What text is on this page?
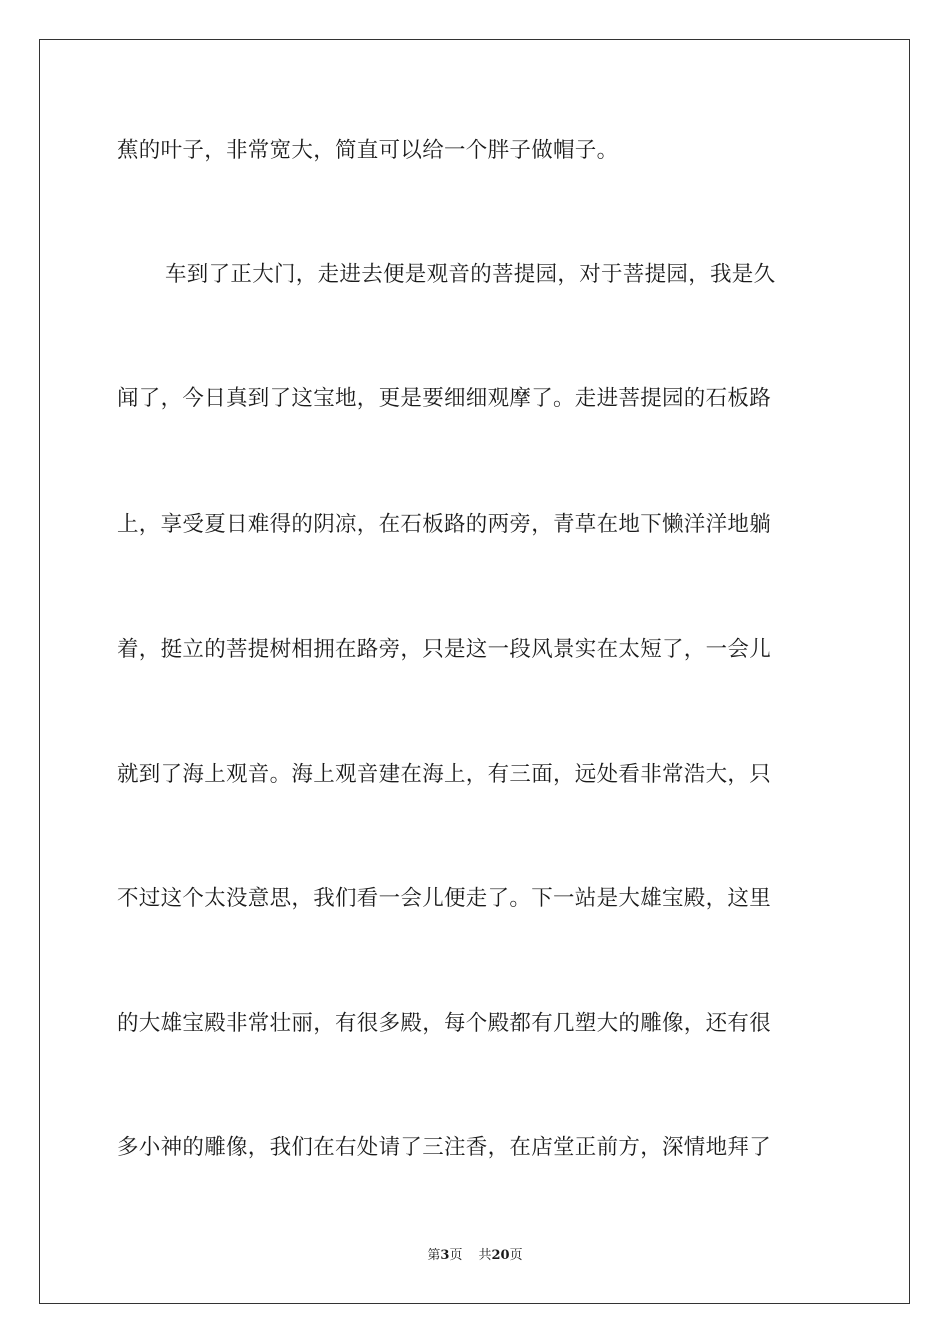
蕉的叶子，非常宽大，简直可以给一个胖子做帽子。
车到了正大门，走进去便是观音的菩提园，对于菩提园，我是久
闻了，今日真到了这宝地，更是要细细观摩了。走进菩提园的石板路
上，享受夏日难得的阴凉，在石板路的两旁，青草在地下懒洋洋地躺
着，挺立的菩提树相拥在路旁，只是这一段风景实在太短了，一会儿
就到了海上观音。海上观音建在海上，有三面，远处看非常浩大，只
不过这个太没意思，我们看一会儿便走了。下一站是大雄宝殿，这里
的大雄宝殿非常壮丽，有很多殿，每个殿都有几塑大的雕像，还有很
多小神的雕像，我们在右处请了三注香，在店堂正前方，深情地拜了
第3页 共20页
